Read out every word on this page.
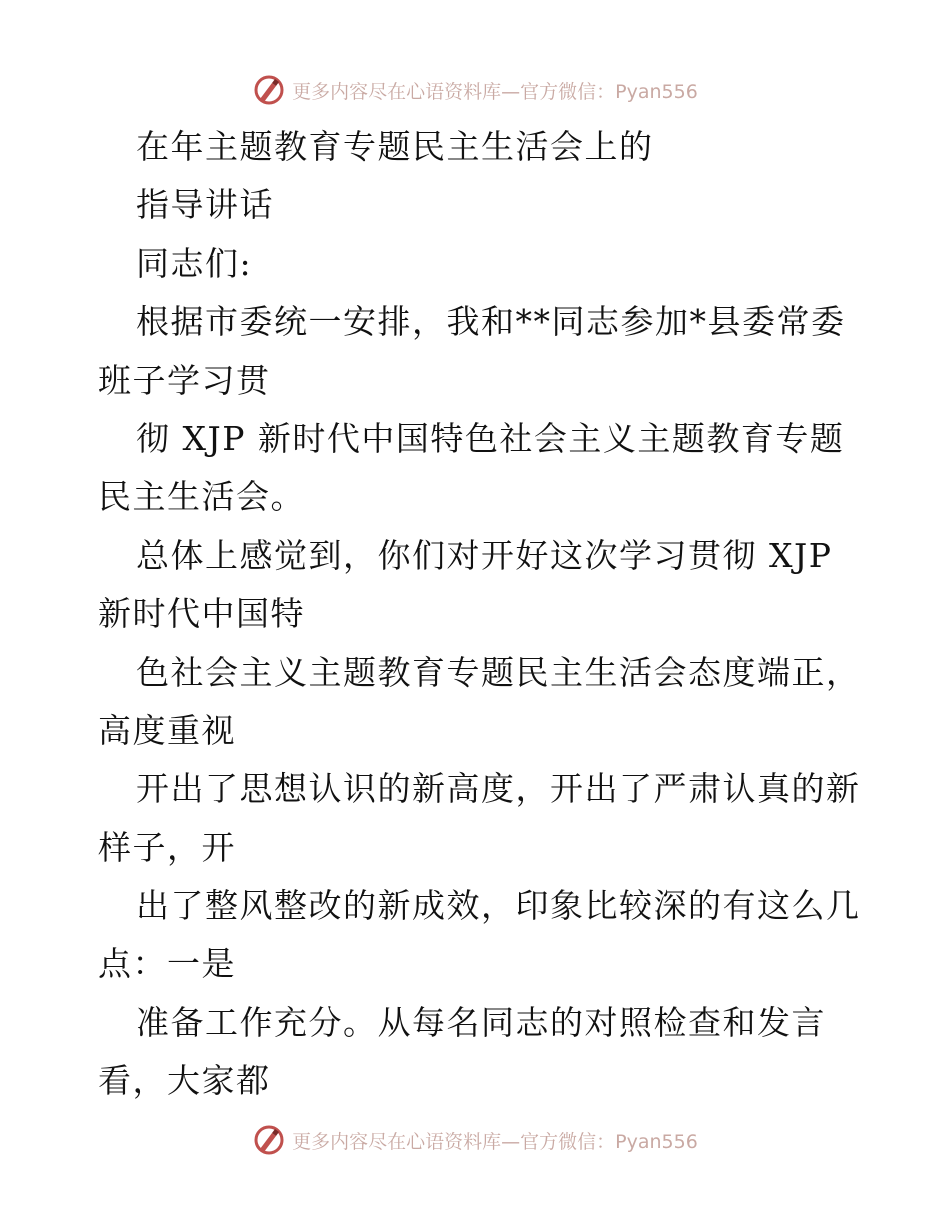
更多内容尽在心语资料库—官方微信：Pyan556
在年主题教育专题民主生活会上的
指导讲话
同志们:
根据市委统一安排，我和**同志参加*县委常委
班子学习贯
彻 XJP 新时代中国特色社会主义主题教育专题
民主生活会。
总体上感觉到，你们对开好这次学习贯彻 XJP
新时代中国特
色社会主义主题教育专题民主生活会态度端正，
高度重视
开出了思想认识的新高度，开出了严肃认真的新
样子，开
出了整风整改的新成效，印象比较深的有这么几
点：一是
准备工作充分。从每名同志的对照检查和发言
看，大家都
更多内容尽在心语资料库—官方微信：Pyan556
